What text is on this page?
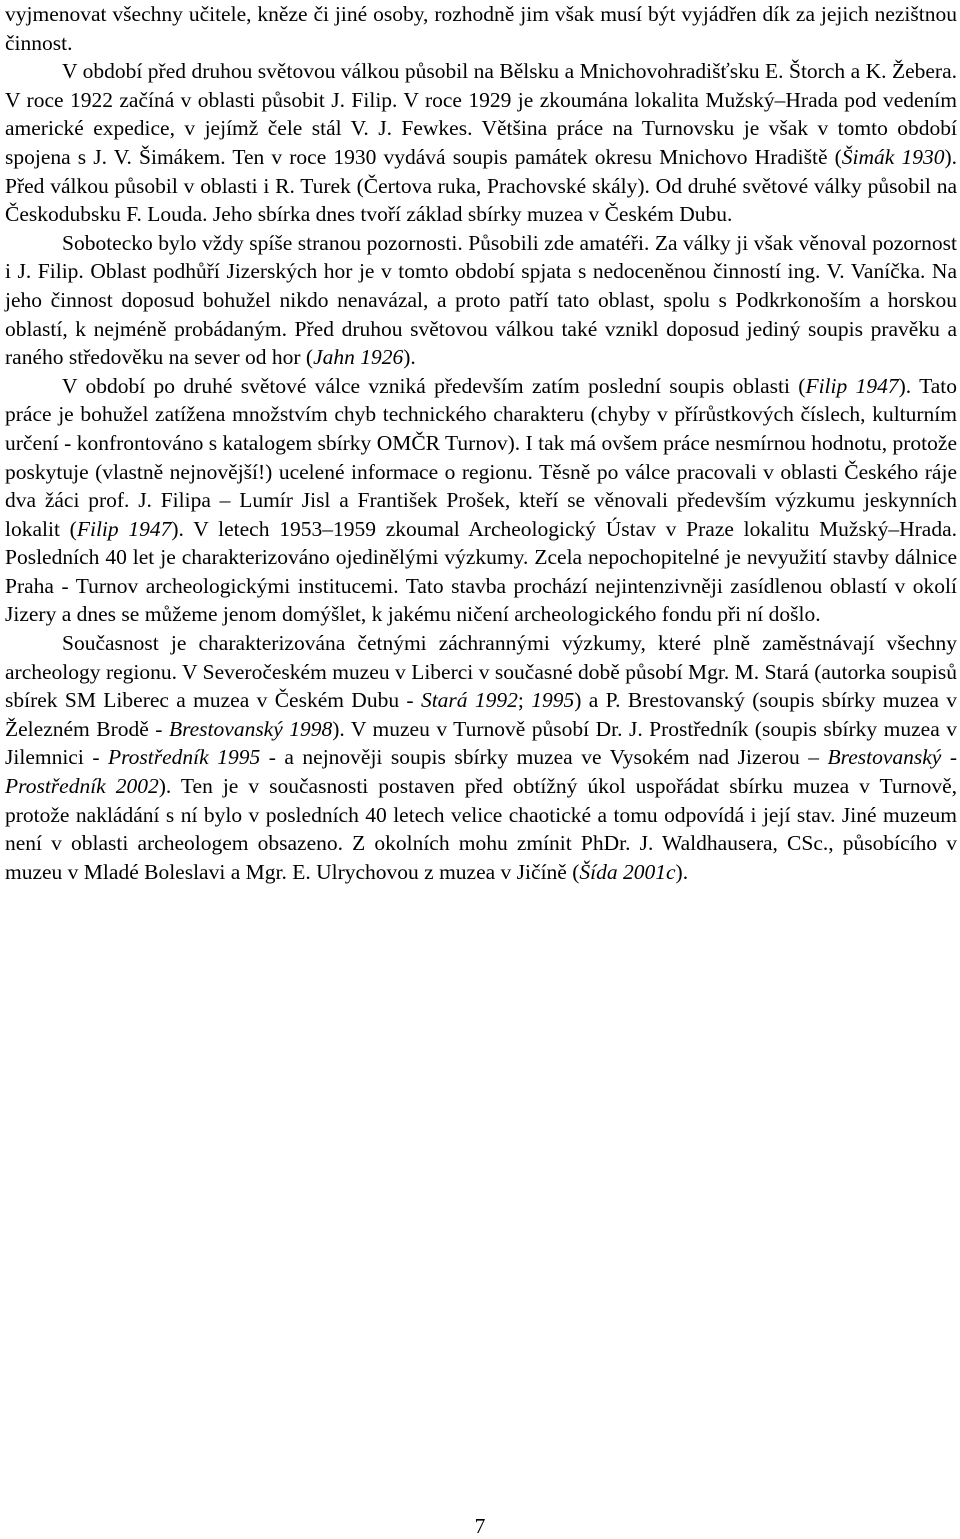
vyjmenovat všechny učitele, kněze či jiné osoby, rozhodně jim však musí být vyjádřen dík za jejich nezištnou činnost.

V období před druhou světovou válkou působil na Bělsku a Mnichovohradišťsku E. Štorch a K. Žebera. V roce 1922 začíná v oblasti působit J. Filip. V roce 1929 je zkoumána lokalita Mužský–Hrada pod vedením americké expedice, v jejímž čele stál V. J. Fewkes. Většina práce na Turnovsku je však v tomto období spojena s J. V. Šimákem. Ten v roce 1930 vydává soupis památek okresu Mnichovo Hradiště (Šimák 1930). Před válkou působil v oblasti i R. Turek (Čertova ruka, Prachovské skály). Od druhé světové války působil na Českodubsku F. Louda. Jeho sbírka dnes tvoří základ sbírky muzea v Českém Dubu.

Sobotecko bylo vždy spíše stranou pozornosti. Působili zde amatéři. Za války ji však věnoval pozornost i J. Filip. Oblast podhůří Jizerských hor je v tomto období spjata s nedoceněnou činností ing. V. Vaníčka. Na jeho činnost doposud bohužel nikdo nenavázal, a proto patří tato oblast, spolu s Podkrkonoším a horskou oblastí, k nejméně probádaným. Před druhou světovou válkou také vznikl doposud jediný soupis pravěku a raného středověku na sever od hor (Jahn 1926).

V období po druhé světové válce vzniká především zatím poslední soupis oblasti (Filip 1947). Tato práce je bohužel zatížena množstvím chyb technického charakteru (chyby v přírůstkových číslech, kulturním určení - konfrontováno s katalogem sbírky OMČR Turnov). I tak má ovšem práce nesmírnou hodnotu, protože poskytuje (vlastně nejnovější!) ucelené informace o regionu. Těsně po válce pracovali v oblasti Českého ráje dva žáci prof. J. Filipa – Lumír Jisl a František Prošek, kteří se věnovali především výzkumu jeskynních lokalit (Filip 1947). V letech 1953–1959 zkoumal Archeologický Ústav v Praze lokalitu Mužský–Hrada. Posledních 40 let je charakterizováno ojedinělými výzkumy. Zcela nepochopitelné je nevyužití stavby dálnice Praha - Turnov archeologickými institucemi. Tato stavba prochází nejintenzivněji zasídlenou oblastí v okolí Jizery a dnes se můžeme jenom domýšlet, k jakému ničení archeologického fondu při ní došlo.

Současnost je charakterizována četnými záchrannými výzkumy, které plně zaměstnávají všechny archeology regionu. V Severočeském muzeu v Liberci v současné době působí Mgr. M. Stará (autorka soupisů sbírek SM Liberec a muzea v Českém Dubu - Stará 1992; 1995) a P. Brestovanský (soupis sbírky muzea v Železném Brodě - Brestovanský 1998). V muzeu v Turnově působí Dr. J. Prostředník (soupis sbírky muzea v Jilemnici - Prostředník 1995 - a nejnověji soupis sbírky muzea ve Vysokém nad Jizerou – Brestovanský - Prostředník 2002). Ten je v současnosti postaven před obtížný úkol uspořádat sbírku muzea v Turnově, protože nakládání s ní bylo v posledních 40 letech velice chaotické a tomu odpovídá i její stav. Jiné muzeum není v oblasti archeologem obsazeno. Z okolních mohu zmínit PhDr. J. Waldhausera, CSc., působícího v muzeu v Mladé Boleslavi a Mgr. E. Ulrychovou z muzea v Jičíně (Šída 2001c).

7
